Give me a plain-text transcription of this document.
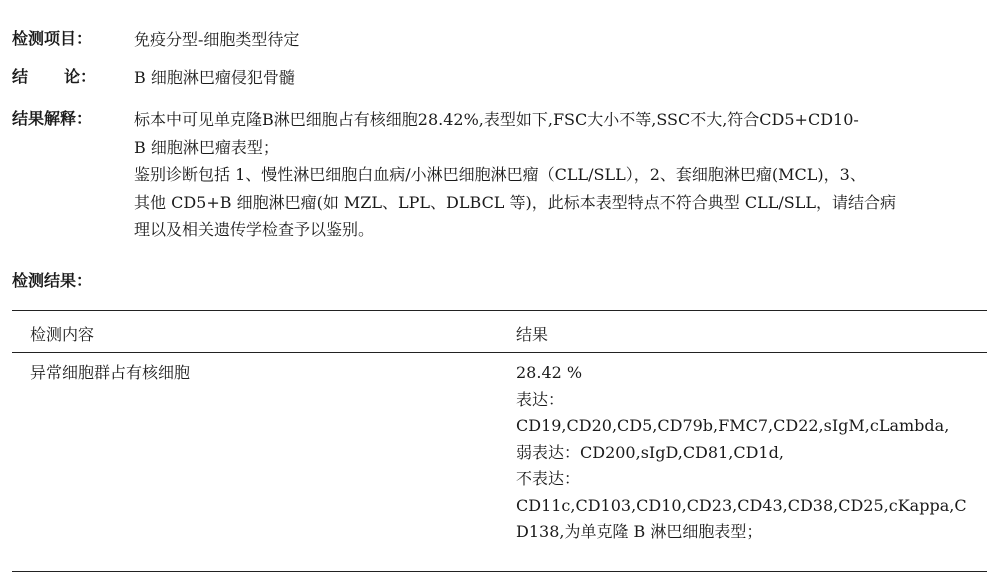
检测项目：	免疫分型-细胞类型待定
结 论： B 细胞淋巴瘤侵犯骨髓
结果解释：	标本中可见单克隆B淋巴细胞占有核细胞28.42%,表型如下,FSC大小不等,SSC不大,符合CD5+CD10-
B 细胞淋巴瘤表型；
鉴别诊断包括 1、慢性淋巴细胞白血病/小淋巴细胞淋巴瘤（CLL/SLL），2、套细胞淋巴瘤(MCL)，3、
其他 CD5+B 细胞淋巴瘤(如 MZL、LPL、DLBCL 等)，此标本表型特点不符合典型 CLL/SLL，请结合病
理以及相关遗传学检查予以鉴别。
检测结果：
检测内容	结果
异常细胞群占有核细胞	28.42 %
表达：
CD19,CD20,CD5,CD79b,FMC7,CD22,sIgM,cLambda,
弱表达：CD200,sIgD,CD81,CD1d,
不表达：
CD11c,CD103,CD10,CD23,CD43,CD38,CD25,cKappa,C
D138,为单克隆 B 淋巴细胞表型；
